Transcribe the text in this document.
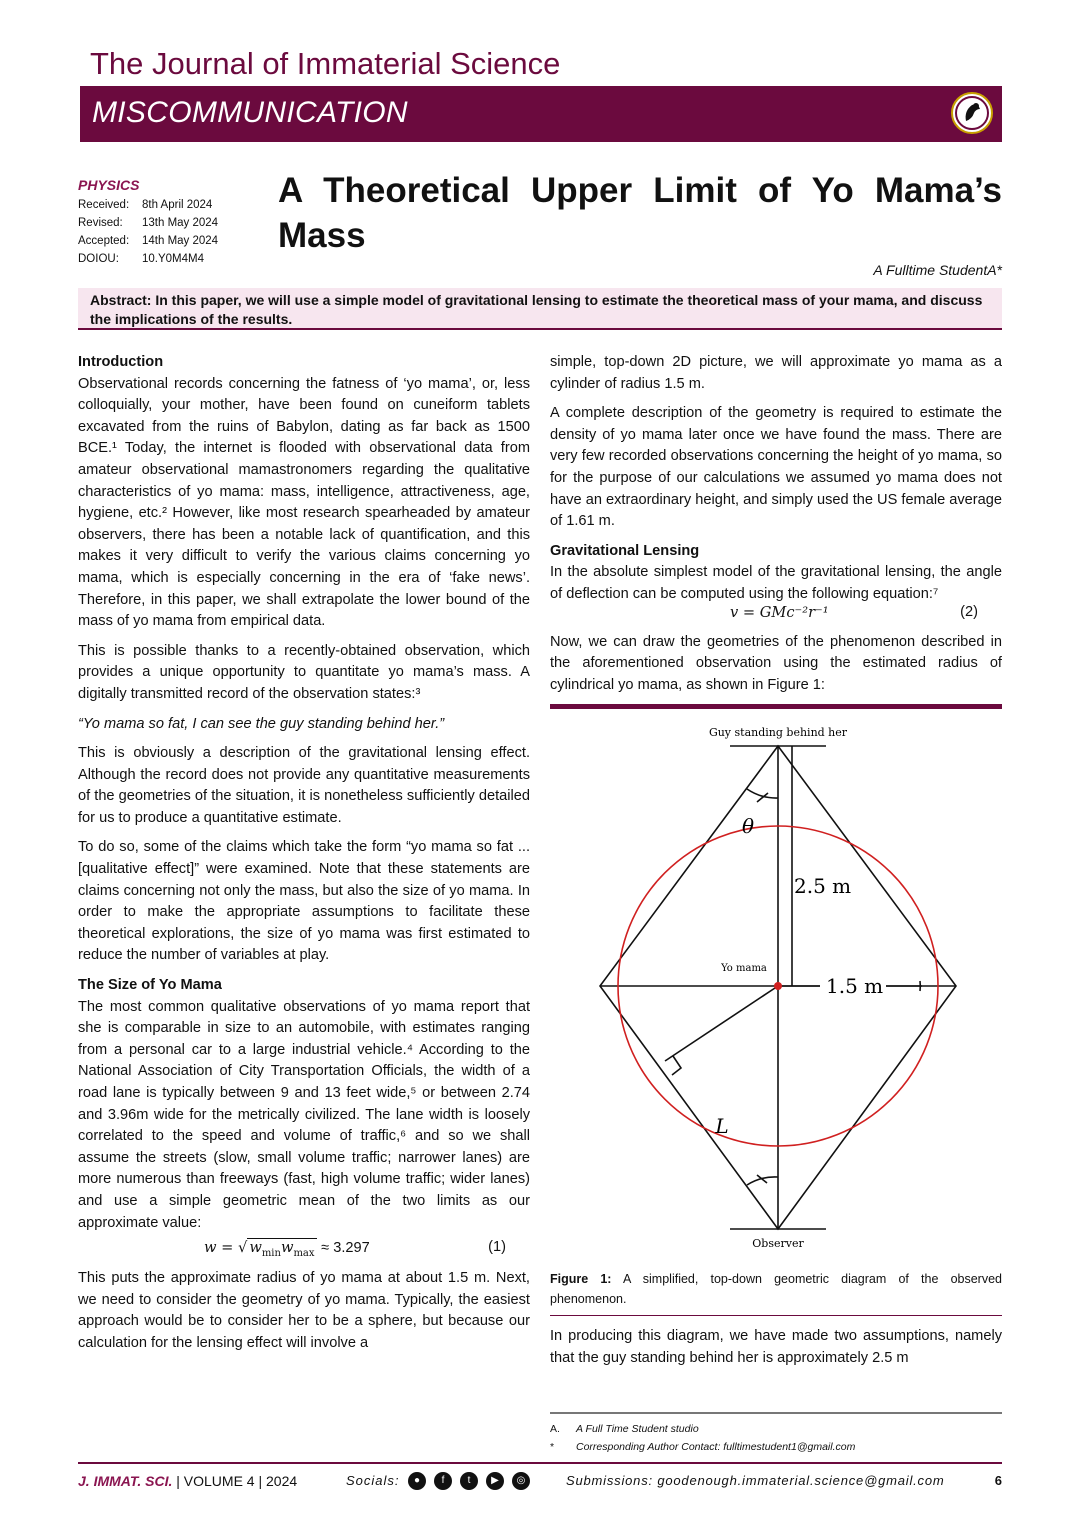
The Journal of Immaterial Science
MISCOMMUNICATION
PHYSICS
Received: 8th April 2024
Revised: 13th May 2024
Accepted: 14th May 2024
DOIOU: 10.Y0M4M4
A Theoretical Upper Limit of Yo Mama’s Mass
A Fulltime StudentA*
Abstract: In this paper, we will use a simple model of gravitational lensing to estimate the theoretical mass of your mama, and discuss the implications of the results.
Introduction

Observational records concerning the fatness of ‘yo mama’, or, less colloquially, your mother, have been found on cuneiform tablets excavated from the ruins of Babylon, dating as far back as 1500 BCE.¹ Today, the internet is flooded with observational data from amateur observational mamastronomers regarding the qualitative characteristics of yo mama: mass, intelligence, attractiveness, age, hygiene, etc.² However, like most research spearheaded by amateur observers, there has been a notable lack of quantification, and this makes it very difficult to verify the various claims concerning yo mama, which is especially concerning in the era of ‘fake news’. Therefore, in this paper, we shall extrapolate the lower bound of the mass of yo mama from empirical data.

This is possible thanks to a recently-obtained observation, which provides a unique opportunity to quantitate yo mama’s mass. A digitally transmitted record of the observation states:³

“Yo mama so fat, I can see the guy standing behind her.”

This is obviously a description of the gravitational lensing effect. Although the record does not provide any quantitative measurements of the geometries of the situation, it is nonetheless sufficiently detailed for us to produce a quantitative estimate.

To do so, some of the claims which take the form “yo mama so fat ... [qualitative effect]” were examined. Note that these statements are claims concerning not only the mass, but also the size of yo mama. In order to make the appropriate assumptions to facilitate these theoretical explorations, the size of yo mama was first estimated to reduce the number of variables at play.

The Size of Yo Mama

The most common qualitative observations of yo mama report that she is comparable in size to an automobile, with estimates ranging from a personal car to a large industrial vehicle.⁴ According to the National Association of City Transportation Officials, the width of a road lane is typically between 9 and 13 feet wide,⁵ or between 2.74 and 3.96m wide for the metrically civilized. The lane width is loosely correlated to the speed and volume of traffic,⁶ and so we shall assume the streets (slow, small volume traffic; narrower lanes) are more numerous than freeways (fast, high volume traffic; wider lanes) and use a simple geometric mean of the two limits as our approximate value:

w = √ $w_{min}w_{max} \approx 3.297$	(1)

This puts the approximate radius of yo mama at about 1.5 m. Next, we need to consider the geometry of yo mama. Typically, the easiest approach would be to consider her to be a sphere, but because our calculation for the lensing effect will involve a

simple, top-down 2D picture, we will approximate yo mama as a cylinder of radius 1.5 m.

A complete description of the geometry is required to estimate the density of yo mama later once we have found the mass. There are very few recorded observations concerning the height of yo mama, so for the purpose of our calculations we assumed yo mama does not have an extraordinary height, and simply used the US female average of 1.61 m.

Gravitational Lensing

In the absolute simplest model of the gravitational lensing, the angle of deflection can be computed using the following equation:⁷

v = GMc⁻²r⁻¹	(2)

Now, we can draw the geometries of the phenomenon described in the aforementioned observation using the estimated radius of cylindrical yo mama, as shown in Figure 1:

Guy standing behind her
Observer
Yo mama
θ
2.5 m
1.5 m
L
Figure 1: A simplified, top-down geometric diagram of the observed phenomenon.

In producing this diagram, we have made two assumptions, namely that the guy standing behind her is approximately 2.5 m

A. A Full Time Student studio
* Corresponding Author Contact: fulltimestudent1@gmail.com
J. IMMAT. SCI. | VOLUME 4 | 2024	Socials:	● f t ▶ ◎	Submissions: goodenough.immaterial.science@gmail.com	6
